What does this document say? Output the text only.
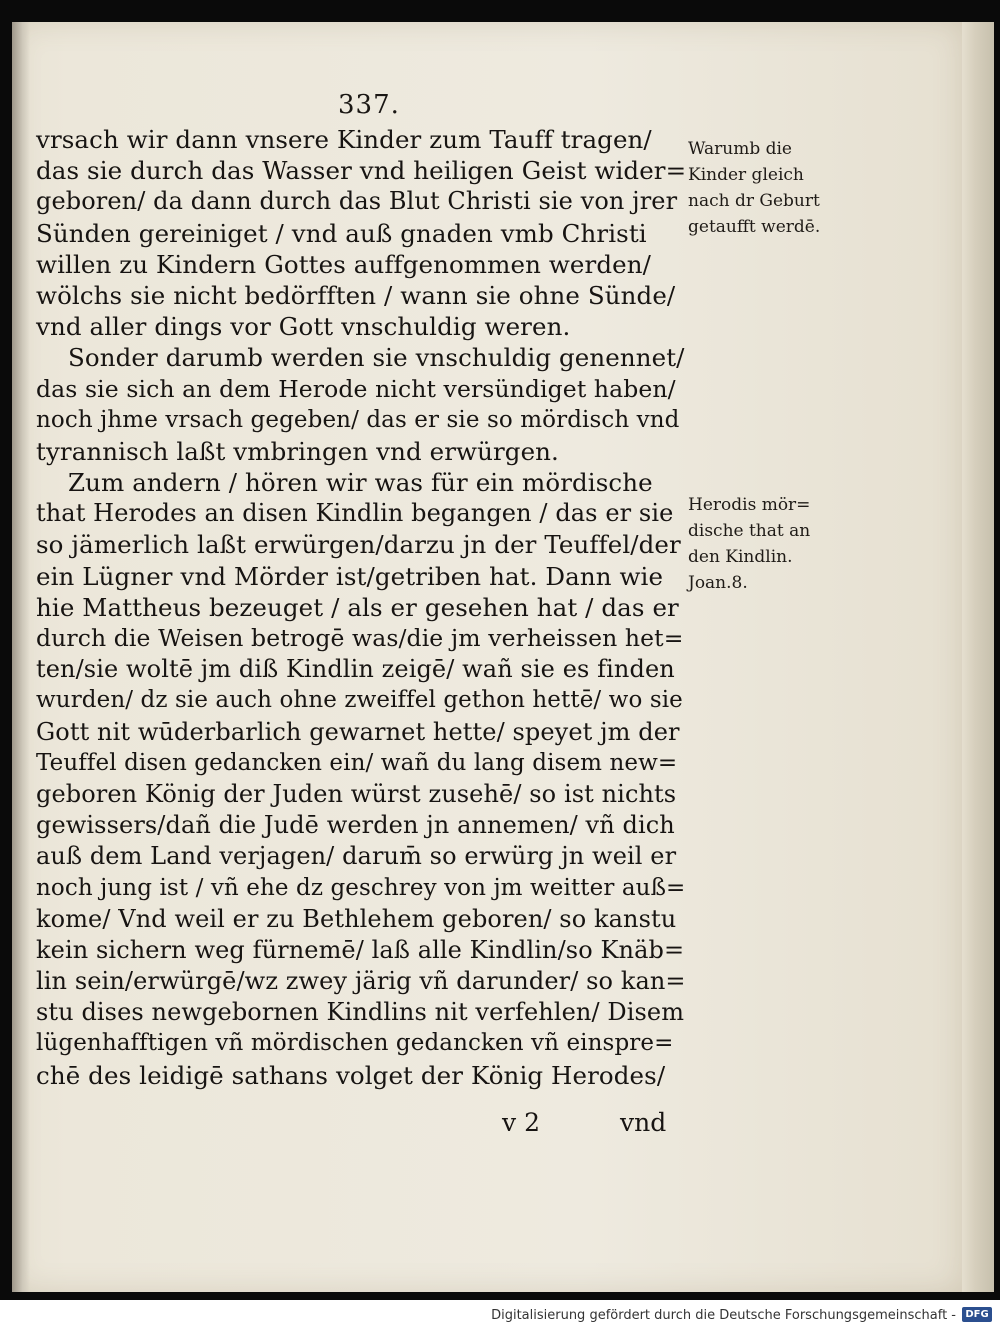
337.
vrsach wir dann vnsere Kinder zum Tauff tragen/
das sie durch das Wasser vnd heiligen Geist wider=
geboren/ da dann durch das Blut Christi sie von jrer
Sünden gereiniget / vnd auß gnaden vmb Christi
willen zu Kindern Gottes auffgenommen werden/
wölchs sie nicht bedörfften / wann sie ohne Sünde/
vnd aller dings vor Gott vnschuldig weren.
Sonder darumb werden sie vnschuldig genennet/
das sie sich an dem Herode nicht versündiget haben/
noch jhme vrsach gegeben/ das er sie so mördisch vnd
tyrannisch laßt vmbringen vnd erwürgen.
Zum andern / hören wir was für ein mördische
that Herodes an disen Kindlin begangen / das er sie
so jämerlich laßt erwürgen/darzu jn der Teuffel/der
ein Lügner vnd Mörder ist/getriben hat. Dann wie
hie Mattheus bezeuget / als er gesehen hat / das er
durch die Weisen betrogē was/die jm verheissen het=
ten/sie woltē jm diß Kindlin zeigē/ wañ sie es finden
wurden/ dz sie auch ohne zweiffel gethon hettē/ wo sie
Gott nit wūderbarlich gewarnet hette/ speyet jm der
Teuffel disen gedancken ein/ wañ du lang disem new=
geboren König der Juden würst zusehē/ so ist nichts
gewissers/dañ die Judē werden jn annemen/ vñ dich
auß dem Land verjagen/ darum̄ so erwürg jn weil er
noch jung ist / vñ ehe dz geschrey von jm weitter auß=
kome/ Vnd weil er zu Bethlehem geboren/ so kanstu
kein sichern weg fürnemē/ laß alle Kindlin/so Knäb=
lin sein/erwürgē/wz zwey järig vñ darunder/ so kan=
stu dises newgebornen Kindlins nit verfehlen/ Disem
lügenhafftigen vñ mördischen gedancken vñ einspre=
chē des leidigē sathans volget der König Herodes/
Warumb die
Kinder gleich
nach dr Geburt
getaufft werdē.
Herodis mör=
dische that an
den Kindlin.
Joan.8.
v 2	vnd
Digitalisierung gefördert durch die Deutsche Forschungsgemeinschaft - DFG
